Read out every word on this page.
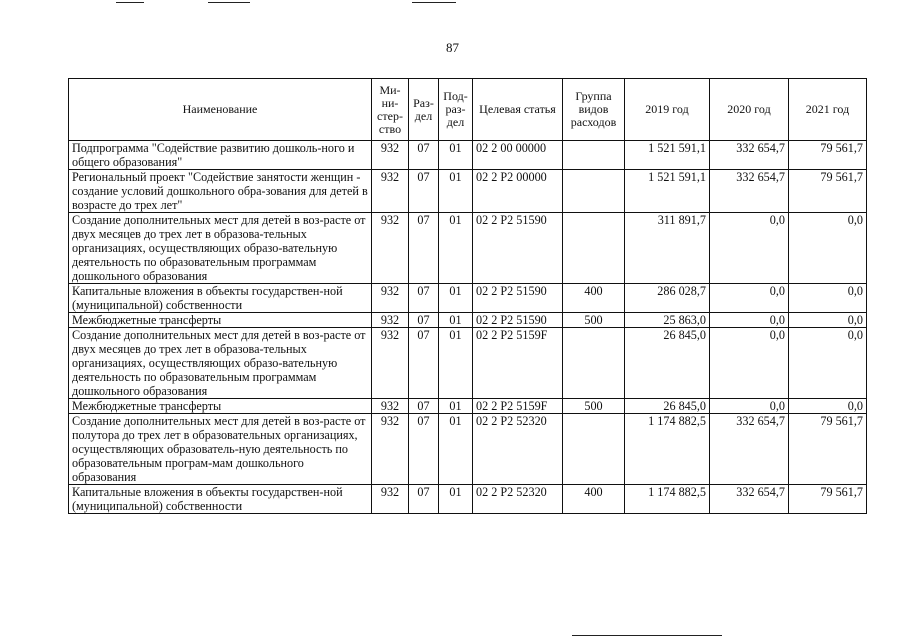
87
Наименование	Ми-ни-стер-ство	Раз-дел	Под-раз-дел	Целевая статья	Группа видов расходов	2019 год	2020 год	2021 год
Подпрограмма "Содействие развитию дошколь-ного и общего образования"	932	07	01	02 2 00 00000		1 521 591,1	332 654,7	79 561,7
Региональный проект "Содействие занятости женщин - создание условий дошкольного обра-зования для детей в возрасте до трех лет"	932	07	01	02 2 P2 00000		1 521 591,1	332 654,7	79 561,7
Создание дополнительных мест для детей в воз-расте от двух месяцев до трех лет в образова-тельных организациях, осуществляющих образо-вательную деятельность по образовательным программам дошкольного образования	932	07	01	02 2 P2 51590		311 891,7	0,0	0,0
Капитальные вложения в объекты государствен-ной (муниципальной) собственности	932	07	01	02 2 P2 51590	400	286 028,7	0,0	0,0
Межбюджетные трансферты	932	07	01	02 2 P2 51590	500	25 863,0	0,0	0,0
Создание дополнительных мест для детей в воз-расте от двух месяцев до трех лет в образова-тельных организациях, осуществляющих образо-вательную деятельность по образовательным программам дошкольного образования	932	07	01	02 2 P2 5159F		26 845,0	0,0	0,0
Межбюджетные трансферты	932	07	01	02 2 P2 5159F	500	26 845,0	0,0	0,0
Создание дополнительных мест для детей в воз-расте от полутора до трех лет в образовательных организациях, осуществляющих образователь-ную деятельность по образовательным програм-мам дошкольного образования	932	07	01	02 2 P2 52320		1 174 882,5	332 654,7	79 561,7
Капитальные вложения в объекты государствен-ной (муниципальной) собственности	932	07	01	02 2 P2 52320	400	1 174 882,5	332 654,7	79 561,7
